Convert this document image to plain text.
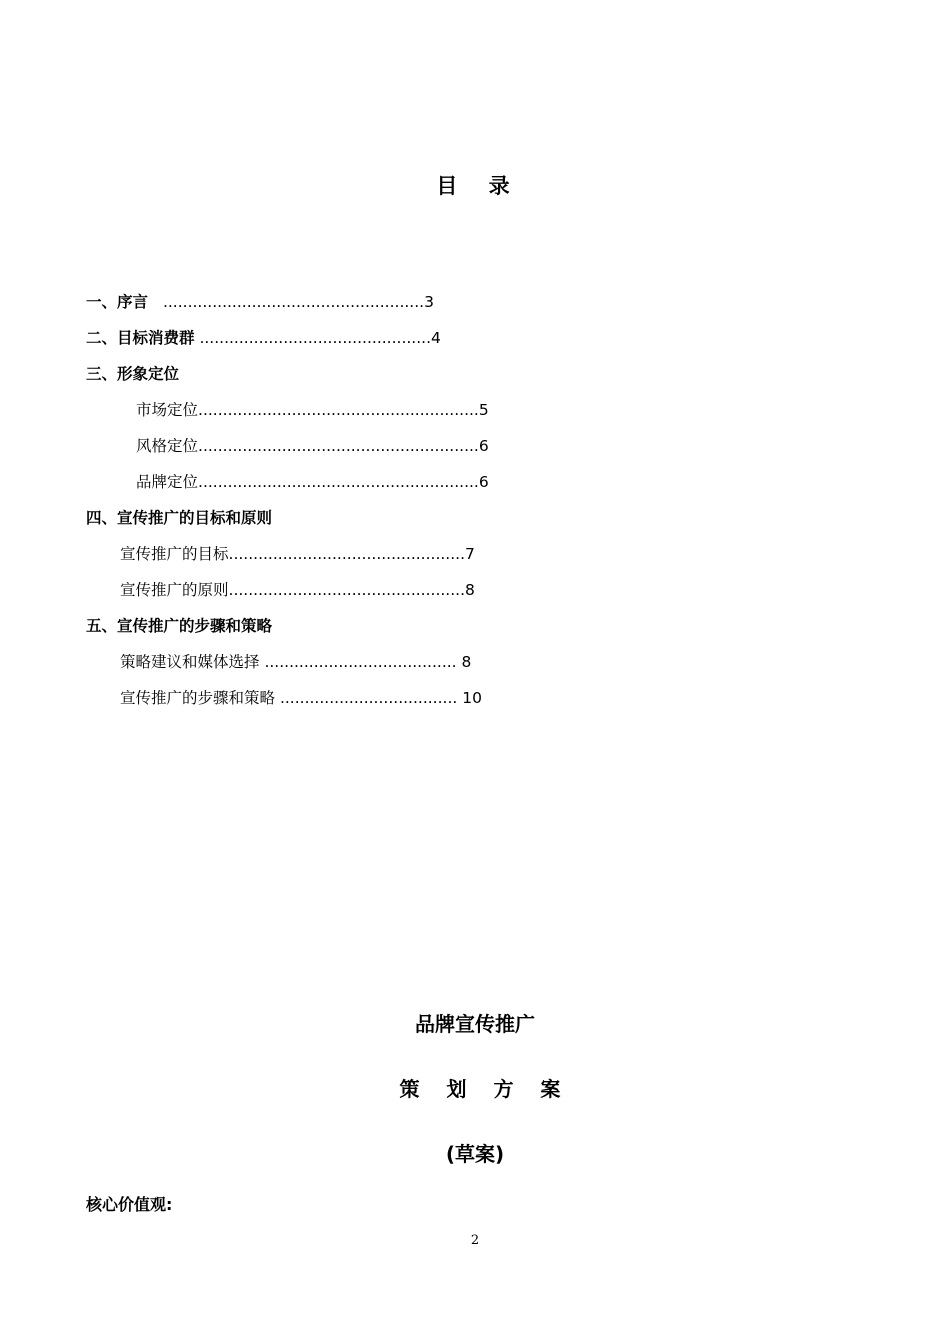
目 录
一、序言 .....................................................3
二、目标消费群 ...............................................4
三、形象定位
市场定位.........................................................5
风格定位.........................................................6
品牌定位.........................................................6
四、宣传推广的目标和原则
宣传推广的目标................................................7
宣传推广的原则................................................8
五、宣传推广的步骤和策略
策略建议和媒体选择 ....................................... 8
宣传推广的步骤和策略 .................................... 10
品牌宣传推广
策 划 方 案
(草案)
核心价值观:
2
